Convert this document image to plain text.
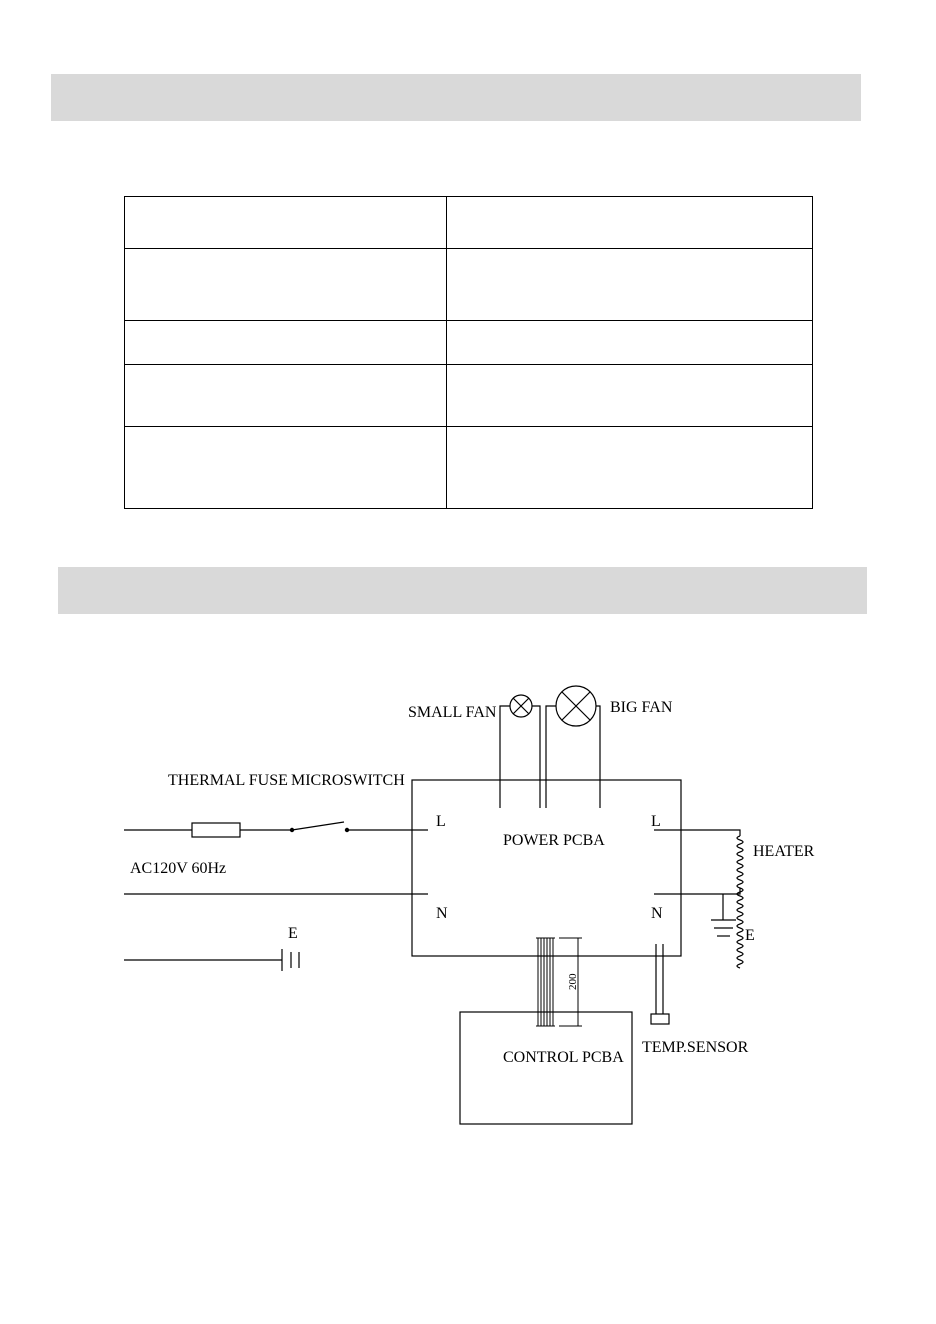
SMALL FAN	BIG FAN
THERMAL FUSE MICROSWITCH
AC120V 60Hz
E
POWER PCBA
L
N
L
N
HEATER
E
200
CONTROL PCBA
TEMP.SENSOR
